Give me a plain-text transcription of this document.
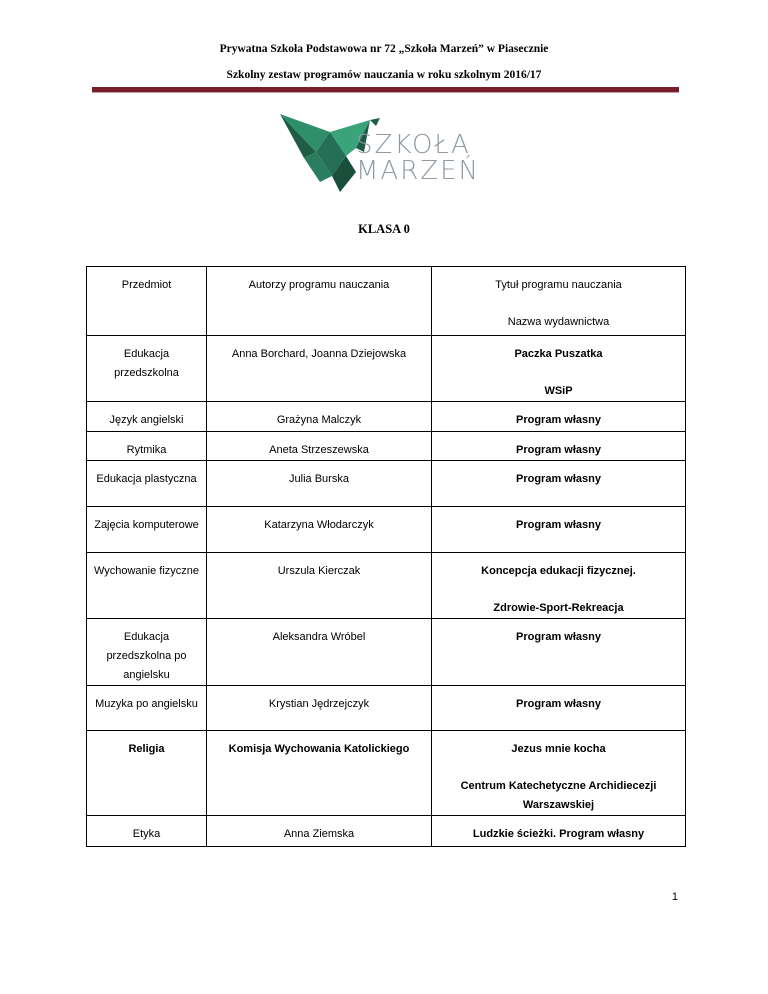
Prywatna Szkoła Podstawowa nr 72 „Szkoła Marzeń” w Piasecznie
Szkolny zestaw programów nauczania w roku szkolnym 2016/17
SZKOŁA
MARZEŃ
KLASA 0
Przedmiot	Autorzy programu nauczania	Tytuł programu nauczania
Nazwa wydawnictwa

Edukacja przedszkolna	Anna Borchard, Joanna Dziejowska	Paczka Puszatka
WSiP

Język angielski	Grażyna Malczyk	Program własny
Rytmika	Aneta Strzeszewska	Program własny
Edukacja plastyczna	Julia Burska	Program własny
Zajęcia komputerowe	Katarzyna Włodarczyk	Program własny
Wychowanie fizyczne	Urszula Kierczak	Koncepcja edukacji fizycznej.
Zdrowie-Sport-Rekreacja

Edukacja przedszkolna po angielsku	Aleksandra Wróbel	Program własny
Muzyka po angielsku	Krystian Jędrzejczyk	Program własny
Religia	Komisja Wychowania Katolickiego	Jezus mnie kocha
Centrum Katechetyczne Archidiecezji Warszawskiej

Etyka	Anna Ziemska	Ludzkie ścieżki. Program własny
1
